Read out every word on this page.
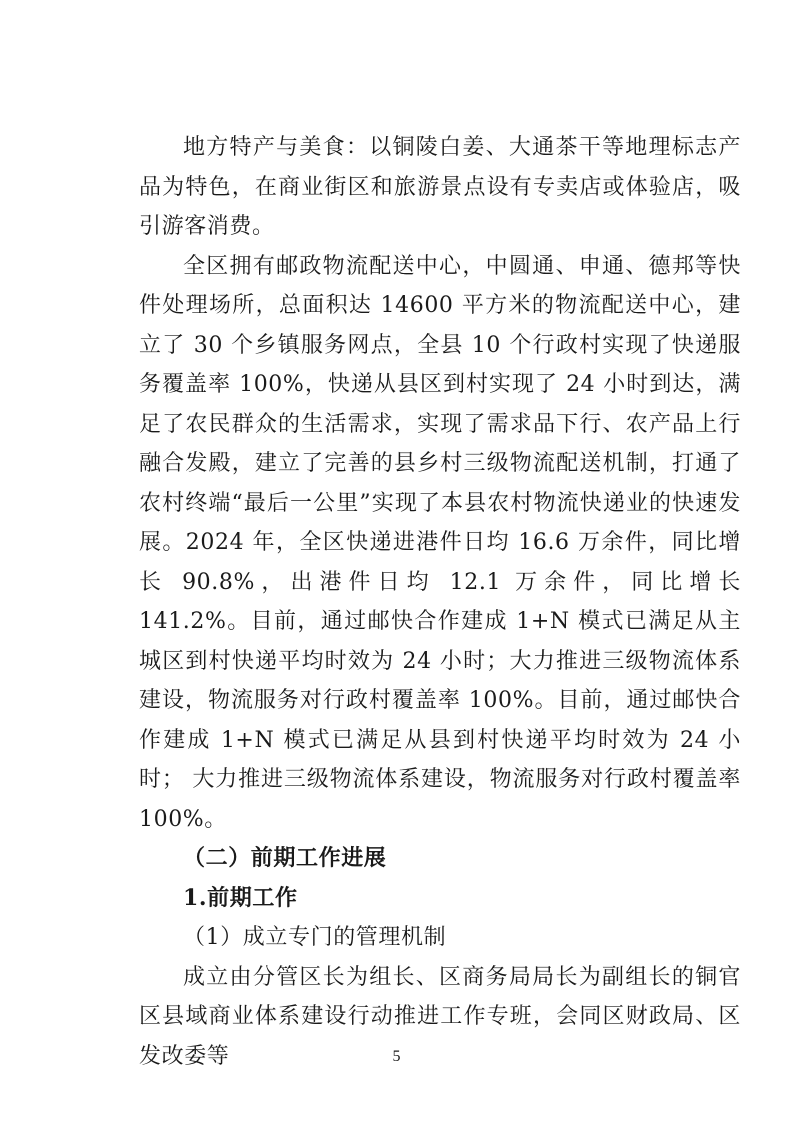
地方特产与美食：以铜陵白姜、大通茶干等地理标志产品为特色，在商业街区和旅游景点设有专卖店或体验店，吸引游客消费。

全区拥有邮政物流配送中心，中圆通、申通、德邦等快件处理场所，总面积达 14600 平方米的物流配送中心，建立了 30 个乡镇服务网点，全县 10 个行政村实现了快递服务覆盖率 100%，快递从县区到村实现了 24 小时到达，满足了农民群众的生活需求，实现了需求品下行、农产品上行融合发殿，建立了完善的县乡村三级物流配送机制，打通了农村终端“最后一公里”实现了本县农村物流快递业的快速发展。2024 年，全区快递进港件日均 16.6 万余件，同比增长 90.8%，出港件日均 12.1 万余件，同比增长 141.2%。目前，通过邮快合作建成 1+N 模式已满足从主城区到村快递平均时效为 24 小时；大力推进三级物流体系建设，物流服务对行政村覆盖率 100%。目前，通过邮快合作建成 1+N 模式已满足从县到村快递平均时效为 24 小时； 大力推进三级物流体系建设，物流服务对行政村覆盖率 100%。

（二）前期工作进展

1.前期工作

（1）成立专门的管理机制

成立由分管区长为组长、区商务局局长为副组长的铜官区县域商业体系建设行动推进工作专班，会同区财政局、区发改委等	5
